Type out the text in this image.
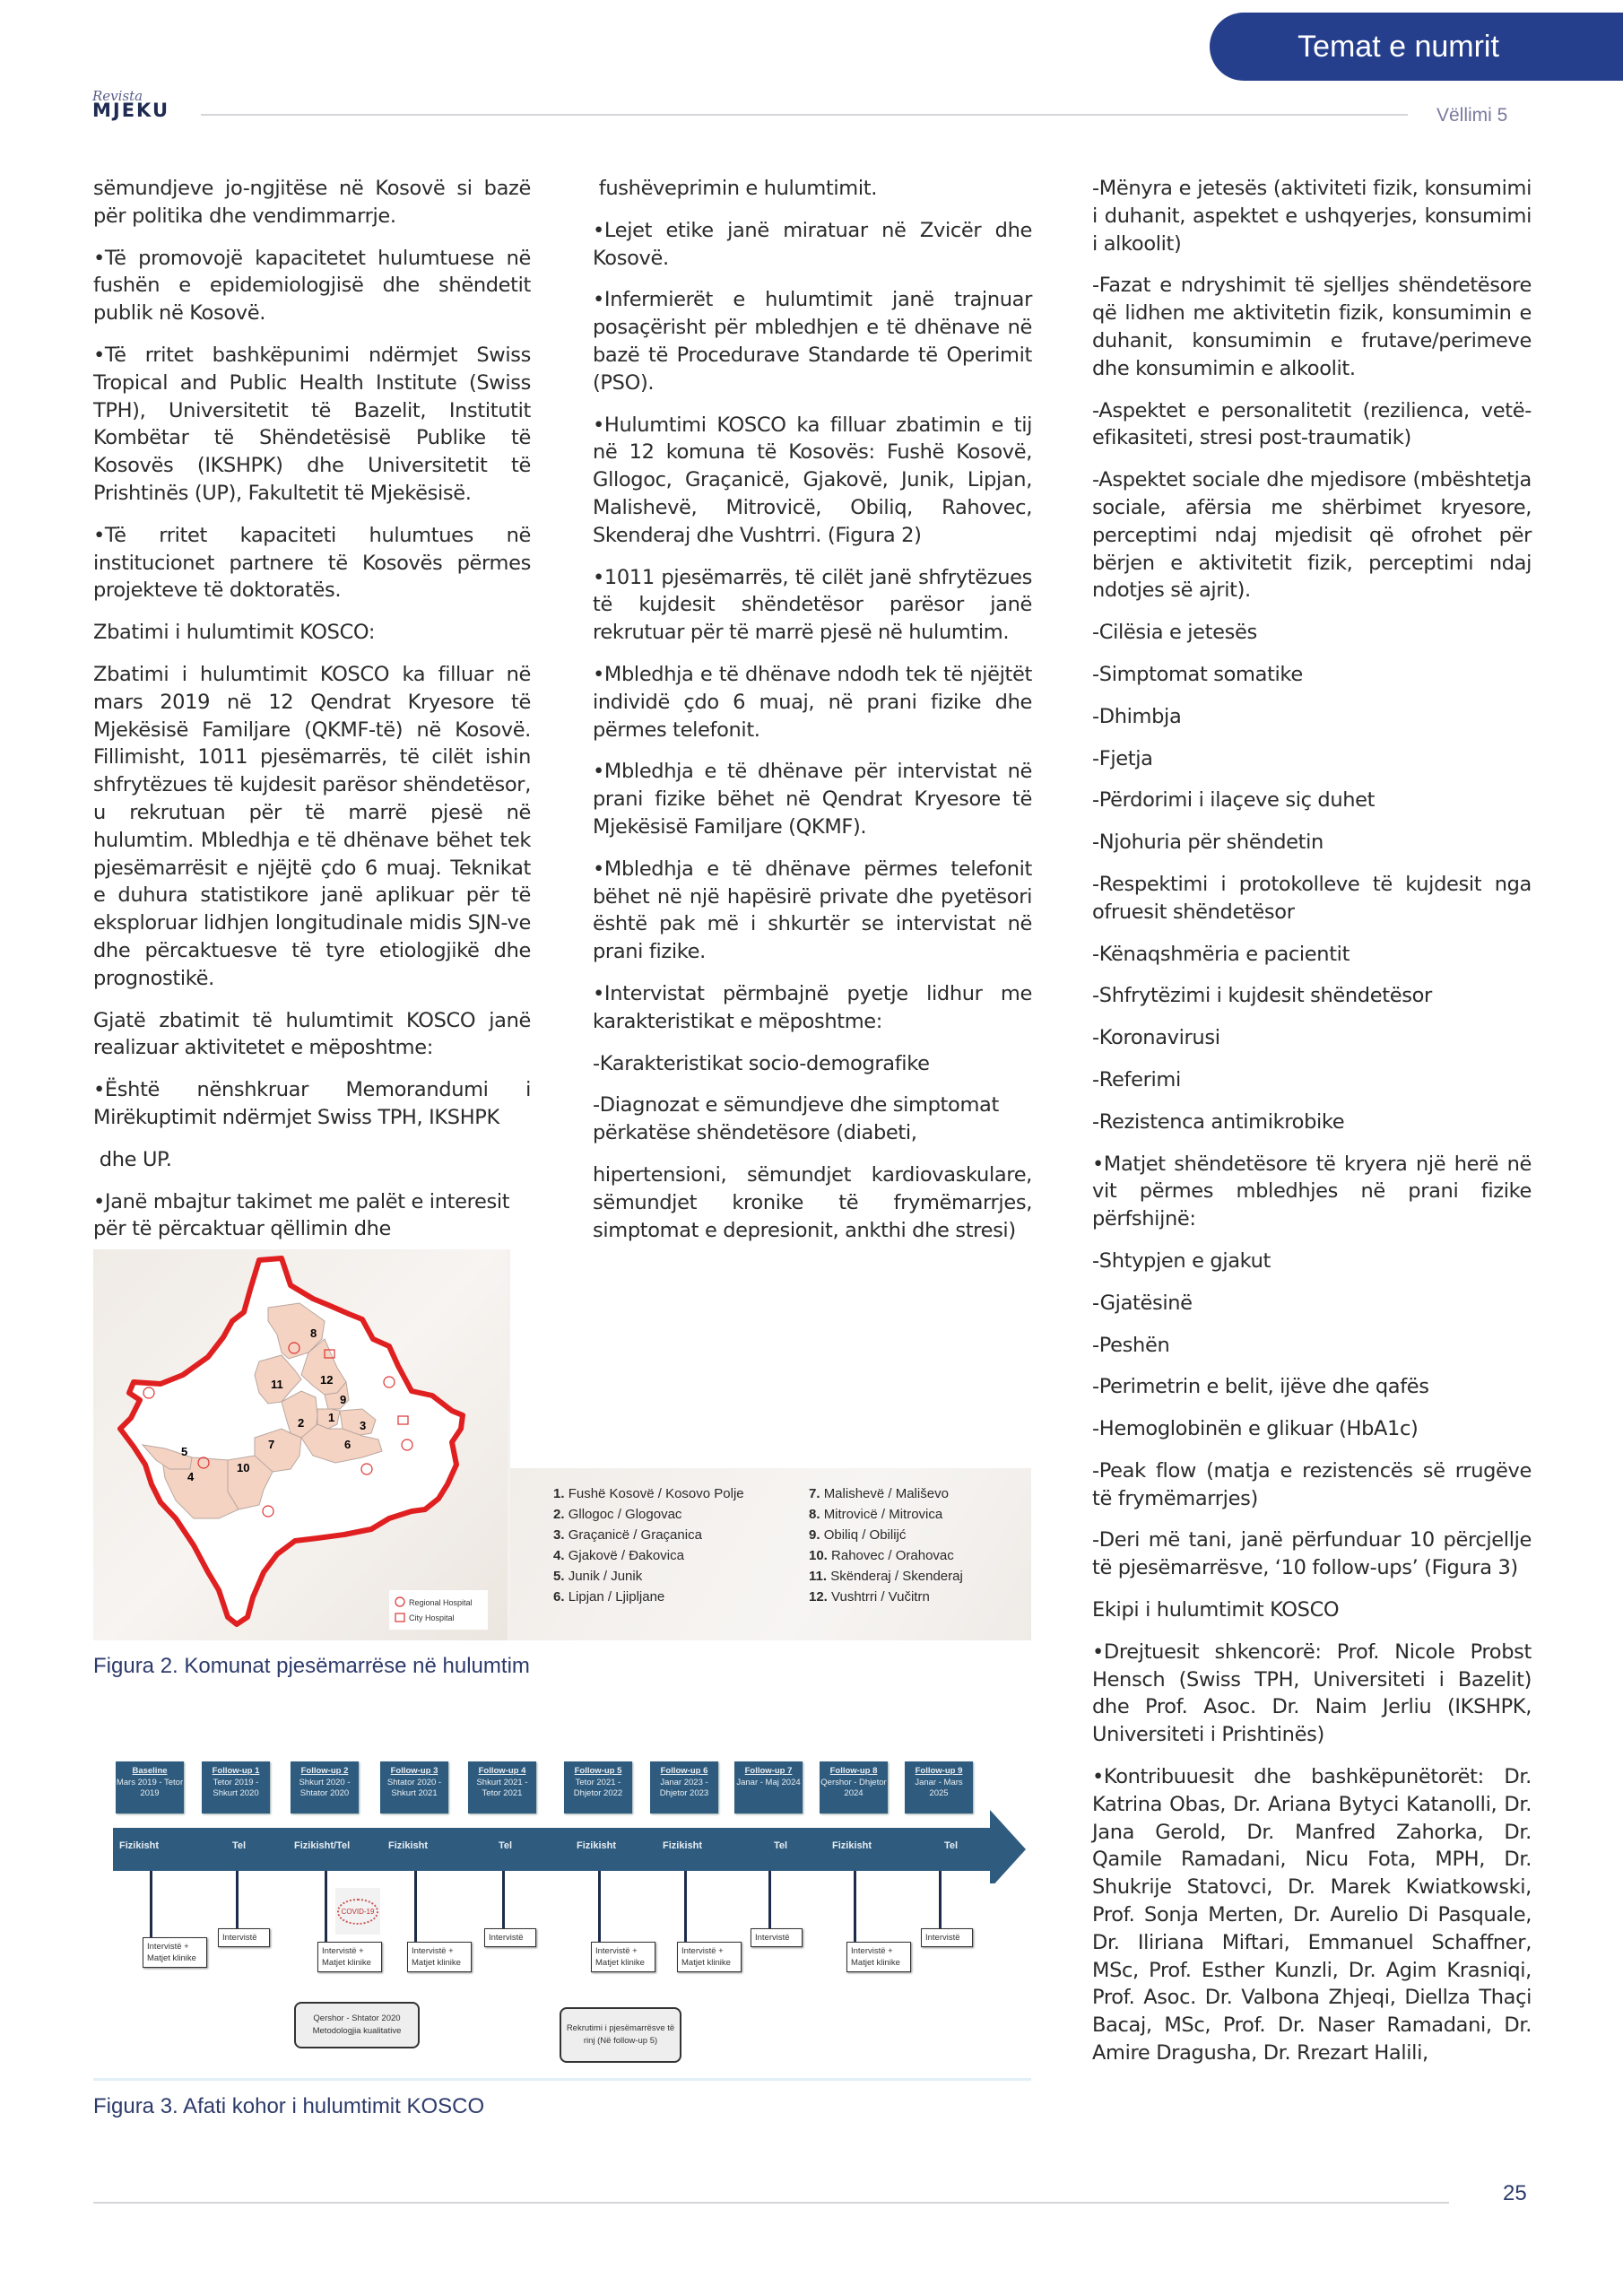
Temat e numrit
Revista
MJEKU	Vëllimi 5

sëmundjeve jo-ngjitëse në Kosovë si bazë për politika dhe vendimmarrje.

•Të promovojë kapacitetet hulumtuese në fushën e epidemiologjisë dhe shëndetit publik në Kosovë.

•Të rritet bashkëpunimi ndërmjet Swiss Tropical and Public Health Institute (Swiss TPH), Universitetit të Bazelit, Institutit Kombëtar të Shëndetësisë Publike të Kosovës (IKSHPK) dhe Universitetit të Prishtinës (UP), Fakultetit të Mjekësisë.

•Të rritet kapaciteti hulumtues në institucionet partnere të Kosovës përmes projekteve të doktoratës.

Zbatimi i hulumtimit KOSCO:

Zbatimi i hulumtimit KOSCO ka filluar në mars 2019 në 12 Qendrat Kryesore të Mjekësisë Familjare (QKMF-të) në Kosovë. Fillimisht, 1011 pjesëmarrës, të cilët ishin shfrytëzues të kujdesit parësor shëndetësor, u rekrutuan për të marrë pjesë në hulumtim. Mbledhja e të dhënave bëhet tek pjesëmarrësit e njëjtë çdo 6 muaj. Teknikat e duhura statistikore janë aplikuar për të eksploruar lidhjen longitudinale midis SJN-ve dhe përcaktuesve të tyre etiologjikë dhe prognostikë.

Gjatë zbatimit të hulumtimit KOSCO janë realizuar aktivitetet e mëposhtme:

•Është nënshkruar Memorandumi i Mirëkuptimit ndërmjet Swiss TPH, IKSHPK

dhe UP.

•Janë mbajtur takimet me palët e interesit për të përcaktuar qëllimin dhe

fushëveprimin e hulumtimit.

•Lejet etike janë miratuar në Zvicër dhe Kosovë.

•Infermierët e hulumtimit janë trajnuar posaçërisht për mbledhjen e të dhënave në bazë të Procedurave Standarde të Operimit (PSO).

•Hulumtimi KOSCO ka filluar zbatimin e tij në 12 komuna të Kosovës: Fushë Kosovë, Gllogoc, Graçanicë, Gjakovë, Junik, Lipjan, Malishevë, Mitrovicë, Obiliq, Rahovec, Skenderaj dhe Vushtrri. (Figura 2)

•1011 pjesëmarrës, të cilët janë shfrytëzues të kujdesit shëndetësor parësor janë rekrutuar për të marrë pjesë në hulumtim.

•Mbledhja e të dhënave ndodh tek të njëjtët individë çdo 6 muaj, në prani fizike dhe përmes telefonit.

•Mbledhja e të dhënave për intervistat në prani fizike bëhet në Qendrat Kryesore të Mjekësisë Familjare (QKMF).

•Mbledhja e të dhënave përmes telefonit bëhet në një hapësirë private dhe pyetësori është pak më i shkurtër se intervistat në prani fizike.

•Intervistat përmbajnë pyetje lidhur me karakteristikat e mëposhtme:

-Karakteristikat socio-demografike

-Diagnozat e sëmundjeve dhe simptomat përkatëse shëndetësore (diabeti,

hipertensioni, sëmundjet kardiovaskulare, sëmundjet kronike të frymëmarrjes, simptomat e depresionit, ankthi dhe stresi)

-Mënyra e jetesës (aktiviteti fizik, konsumimi i duhanit, aspektet e ushqyerjes, konsumimi i alkoolit)

-Fazat e ndryshimit të sjelljes shëndetësore që lidhen me aktivitetin fizik, konsumimin e duhanit, konsumimin e frutave/perimeve dhe konsumimin e alkoolit.

-Aspektet e personalitetit (rezilienca, vetë-efikasiteti, stresi post-traumatik)

-Aspektet sociale dhe mjedisore (mbështetja sociale, afërsia me shërbimet kryesore, perceptimi ndaj mjedisit që ofrohet për bërjen e aktivitetit fizik, perceptimi ndaj ndotjes së ajrit).

-Cilësia e jetesës

-Simptomat somatike

-Dhimbja

-Fjetja

-Përdorimi i ilaçeve siç duhet

-Njohuria për shëndetin

-Respektimi i protokolleve të kujdesit nga ofruesit shëndetësor

-Kënaqshmëria e pacientit

-Shfrytëzimi i kujdesit shëndetësor

-Koronavirusi

-Referimi

-Rezistenca antimikrobike

•Matjet shëndetësore të kryera një herë në vit përmes mbledhjes në prani fizike përfshijnë:

-Shtypjen e gjakut

-Gjatësinë

-Peshën

-Perimetrin e belit, ijëve dhe qafës

-Hemoglobinën e glikuar (HbA1c)

-Peak flow (matja e rezistencës së rrugëve të frymëmarrjes)

-Deri më tani, janë përfunduar 10 përcjellje të pjesëmarrësve, ‘10 follow-ups’ (Figura 3)

Ekipi i hulumtimit KOSCO

•Drejtuesit shkencorë: Prof. Nicole Probst Hensch (Swiss TPH, Universiteti i Bazelit) dhe Prof. Asoc. Dr. Naim Jerliu (IKSHPK, Universiteti i Prishtinës)

•Kontribuuesit dhe bashkëpunëtorët: Dr. Katrina Obas, Dr. Ariana Bytyci Katanolli, Dr. Jana Gerold, Dr. Manfred Zahorka, Dr. Qamile Ramadani, Nicu Fota, MPH, Dr. Shukrije Statovci, Dr. Marek Kwiatkowski, Prof. Sonja Merten, Dr. Aurelio Di Pasquale, Dr. Iliriana Miftari, Emmanuel Schaffner, MSc, Prof. Esther Kunzli, Dr. Agim Krasniqi, Prof. Asoc. Dr. Valbona Zhjeqi, Diellza Thaçi Bacaj, MSc, Prof. Dr. Naser Ramadani, Dr. Amire Dragusha, Dr. Rrezart Halili,

8
12
11
9
1
2	3
6
7
10
5
4
Regional Hospital
City Hospital
1. Fushë Kosovë / Kosovo Polje
2. Gllogoc / Glogovac
3. Graçanicë / Graçanica
4. Gjakovë / Đakovica
5. Junik / Junik
6. Lipjan / Ljipljane
7. Malishevë / Mališevo
8. Mitrovicë / Mitrovica
9. Obiliq / Obilijć
10. Rahovec / Orahovac
11. Skënderaj / Skenderaj
12. Vushtrri / Vučitrn
Figura 2. Komunat pjesëmarrëse në hulumtim
Baseline
Mars 2019 - Tetor 2019
Fizikisht
Intervistë + Matjet klinike
Follow-up 1
Tetor 2019 - Shkurt 2020
Tel
Intervistë
Follow-up 2
Shkurt 2020 - Shtator 2020
Fizikisht/Tel
Intervistë + Matjet klinike
Follow-up 3
Shtator 2020 - Shkurt 2021
Fizikisht
Intervistë + Matjet klinike
Follow-up 4
Shkurt 2021 - Tetor 2021
Tel
Intervistë
Follow-up 5
Tetor 2021 - Dhjetor 2022
Fizikisht
Intervistë + Matjet klinike
Follow-up 6
Janar 2023 - Dhjetor 2023
Fizikisht
Intervistë + Matjet klinike
Follow-up 7
Janar - Maj 2024
Tel
Intervistë
Follow-up 8
Qershor - Dhjetor 2024
Fizikisht
Intervistë + Matjet klinike
Follow-up 9
Janar - Mars 2025
Tel
Intervistë
COVID-19
Qershor - Shtator 2020 Metodologjia kualitative	Rekrutimi i pjesëmarrësve të rinj (Në follow-up 5)
Figura 3. Afati kohor i hulumtimit KOSCO
25
